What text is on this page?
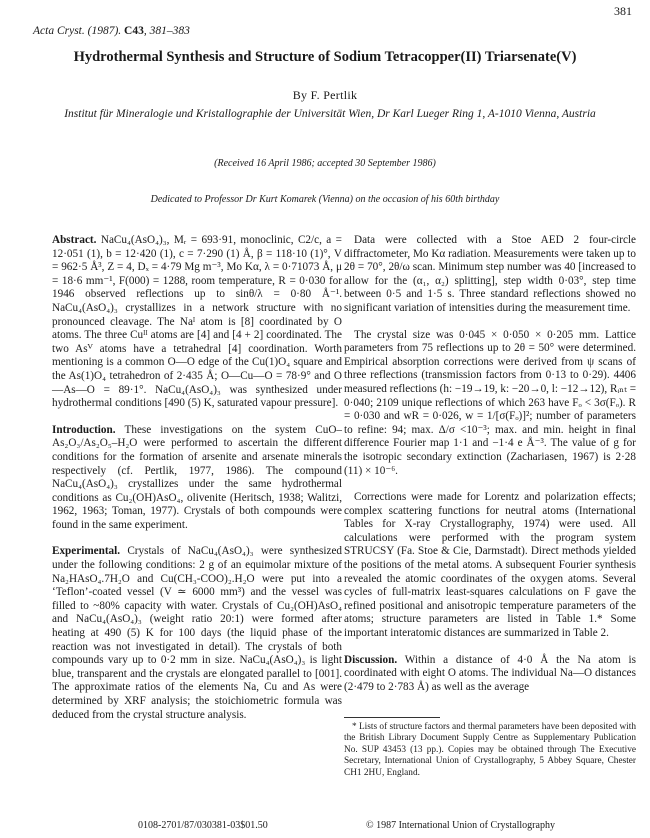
381
Acta Cryst. (1987). C43, 381–383
Hydrothermal Synthesis and Structure of Sodium Tetracopper(II) Triarsenate(V)
By F. Pertlik
Institut für Mineralogie und Kristallographie der Universität Wien, Dr Karl Lueger Ring 1, A-1010 Vienna, Austria
(Received 16 April 1986; accepted 30 September 1986)
Dedicated to Professor Dr Kurt Komarek (Vienna) on the occasion of his 60th birthday

Abstract. NaCu₄(AsO₄)₃, Mᵣ = 693·91, monoclinic, C2/c, a = 12·051 (1), b = 12·420 (1), c = 7·290 (1) Å, β = 118·10 (1)°, V = 962·5 Å³, Z = 4, Dₓ = 4·79 Mg m⁻³, Mo Kα, λ = 0·71073 Å, μ = 18·6 mm⁻¹, F(000) = 1288, room temperature, R = 0·030 for 1946 observed reflections up to sinθ/λ = 0·80 Å⁻¹. NaCu₄(AsO₄)₃ crystallizes in a network structure with no pronounced cleavage. The Naᴵ atom is [8] coordinated by O atoms. The three Cuᴵᴵ atoms are [4] and [4 + 2] coordinated. The two Asⱽ atoms have a tetrahedral [4] coordination. Worth mentioning is a common O—O edge of the Cu(1)O₄ square and the As(1)O₄ tetrahedron of 2·435 Å; O—Cu—O = 78·9° and O—As—O = 89·1°. NaCu₄(AsO₄)₃ was synthesized under hydrothermal conditions [490 (5) K, saturated vapour pressure].

Introduction. These investigations on the system CuO–As₂O₃/As₂O₅–H₂O were performed to ascertain the different conditions for the formation of arsenite and arsenate minerals respectively (cf. Pertlik, 1977, 1986). The compound NaCu₄(AsO₄)₃ crystallizes under the same hydrothermal conditions as Cu₂(OH)AsO₄, olivenite (Heritsch, 1938; Walitzi, 1962, 1963; Toman, 1977). Crystals of both compounds were found in the same experiment.

Experimental. Crystals of NaCu₄(AsO₄)₃ were synthesized under the following conditions: 2 g of an equimolar mixture of Na₂HAsO₄.7H₂O and Cu(CH₃-COO)₂.H₂O were put into a ‘Teflon’-coated vessel (V ≃ 6000 mm³) and the vessel was filled to ~80% capacity with water. Crystals of Cu₂(OH)AsO₄ and NaCu₄(AsO₄)₃ (weight ratio 20:1) were formed after heating at 490 (5) K for 100 days (the liquid phase of the reaction was not investigated in detail). The crystals of both compounds vary up to 0·2 mm in size. NaCu₄(AsO₄)₃ is light blue, transparent and the crystals are elongated parallel to [001]. The approximate ratios of the elements Na, Cu and As were determined by XRF analysis; the stoichiometric formula was deduced from the crystal structure analysis.

Data were collected with a Stoe AED 2 four-circle diffractometer, Mo Kα radiation. Measurements were taken up to 2θ = 70°, 2θ/ω scan. Minimum step number was 40 [increased to allow for the (α₁, α₂) splitting], step width 0·03°, step time between 0·5 and 1·5 s. Three standard reflections showed no significant variation of intensities during the measurement time.

The crystal size was 0·045 × 0·050 × 0·205 mm. Lattice parameters from 75 reflections up to 2θ = 50° were determined. Empirical absorption corrections were derived from ψ scans of three reflections (transmission factors from 0·13 to 0·29). 4406 measured reflections (h: −19→19, k: −20→0, l: −12→12), Rᵢₙₜ = 0·040; 2109 unique reflections of which 263 have Fₒ < 3σ(Fₒ). R = 0·030 and wR = 0·026, w = 1/[σ(Fₒ)]²; number of parameters to refine: 94; max. Δ/σ <10⁻³; max. and min. height in final difference Fourier map 1·1 and −1·4 e Å⁻³. The value of g for the isotropic secondary extinction (Zachariasen, 1967) is 2·28 (11) × 10⁻⁶.

Corrections were made for Lorentz and polarization effects; complex scattering functions for neutral atoms (International Tables for X-ray Crystallography, 1974) were used. All calculations were performed with the program system STRUCSY (Fa. Stoe & Cie, Darmstadt). Direct methods yielded the positions of the metal atoms. A subsequent Fourier synthesis revealed the atomic coordinates of the oxygen atoms. Several cycles of full-matrix least-squares calculations on F gave the refined positional and anisotropic temperature parameters of the atoms; structure parameters are listed in Table 1.* Some important interatomic distances are summarized in Table 2.

Discussion. Within a distance of 4·0 Å the Na atom is coordinated with eight O atoms. The individual Na—O distances (2·479 to 2·783 Å) as well as the average

* Lists of structure factors and thermal parameters have been deposited with the British Library Document Supply Centre as Supplementary Publication No. SUP 43453 (13 pp.). Copies may be obtained through The Executive Secretary, International Union of Crystallography, 5 Abbey Square, Chester CH1 2HU, England.

0108-2701/87/030381-03$01.50	© 1987 International Union of Crystallography
